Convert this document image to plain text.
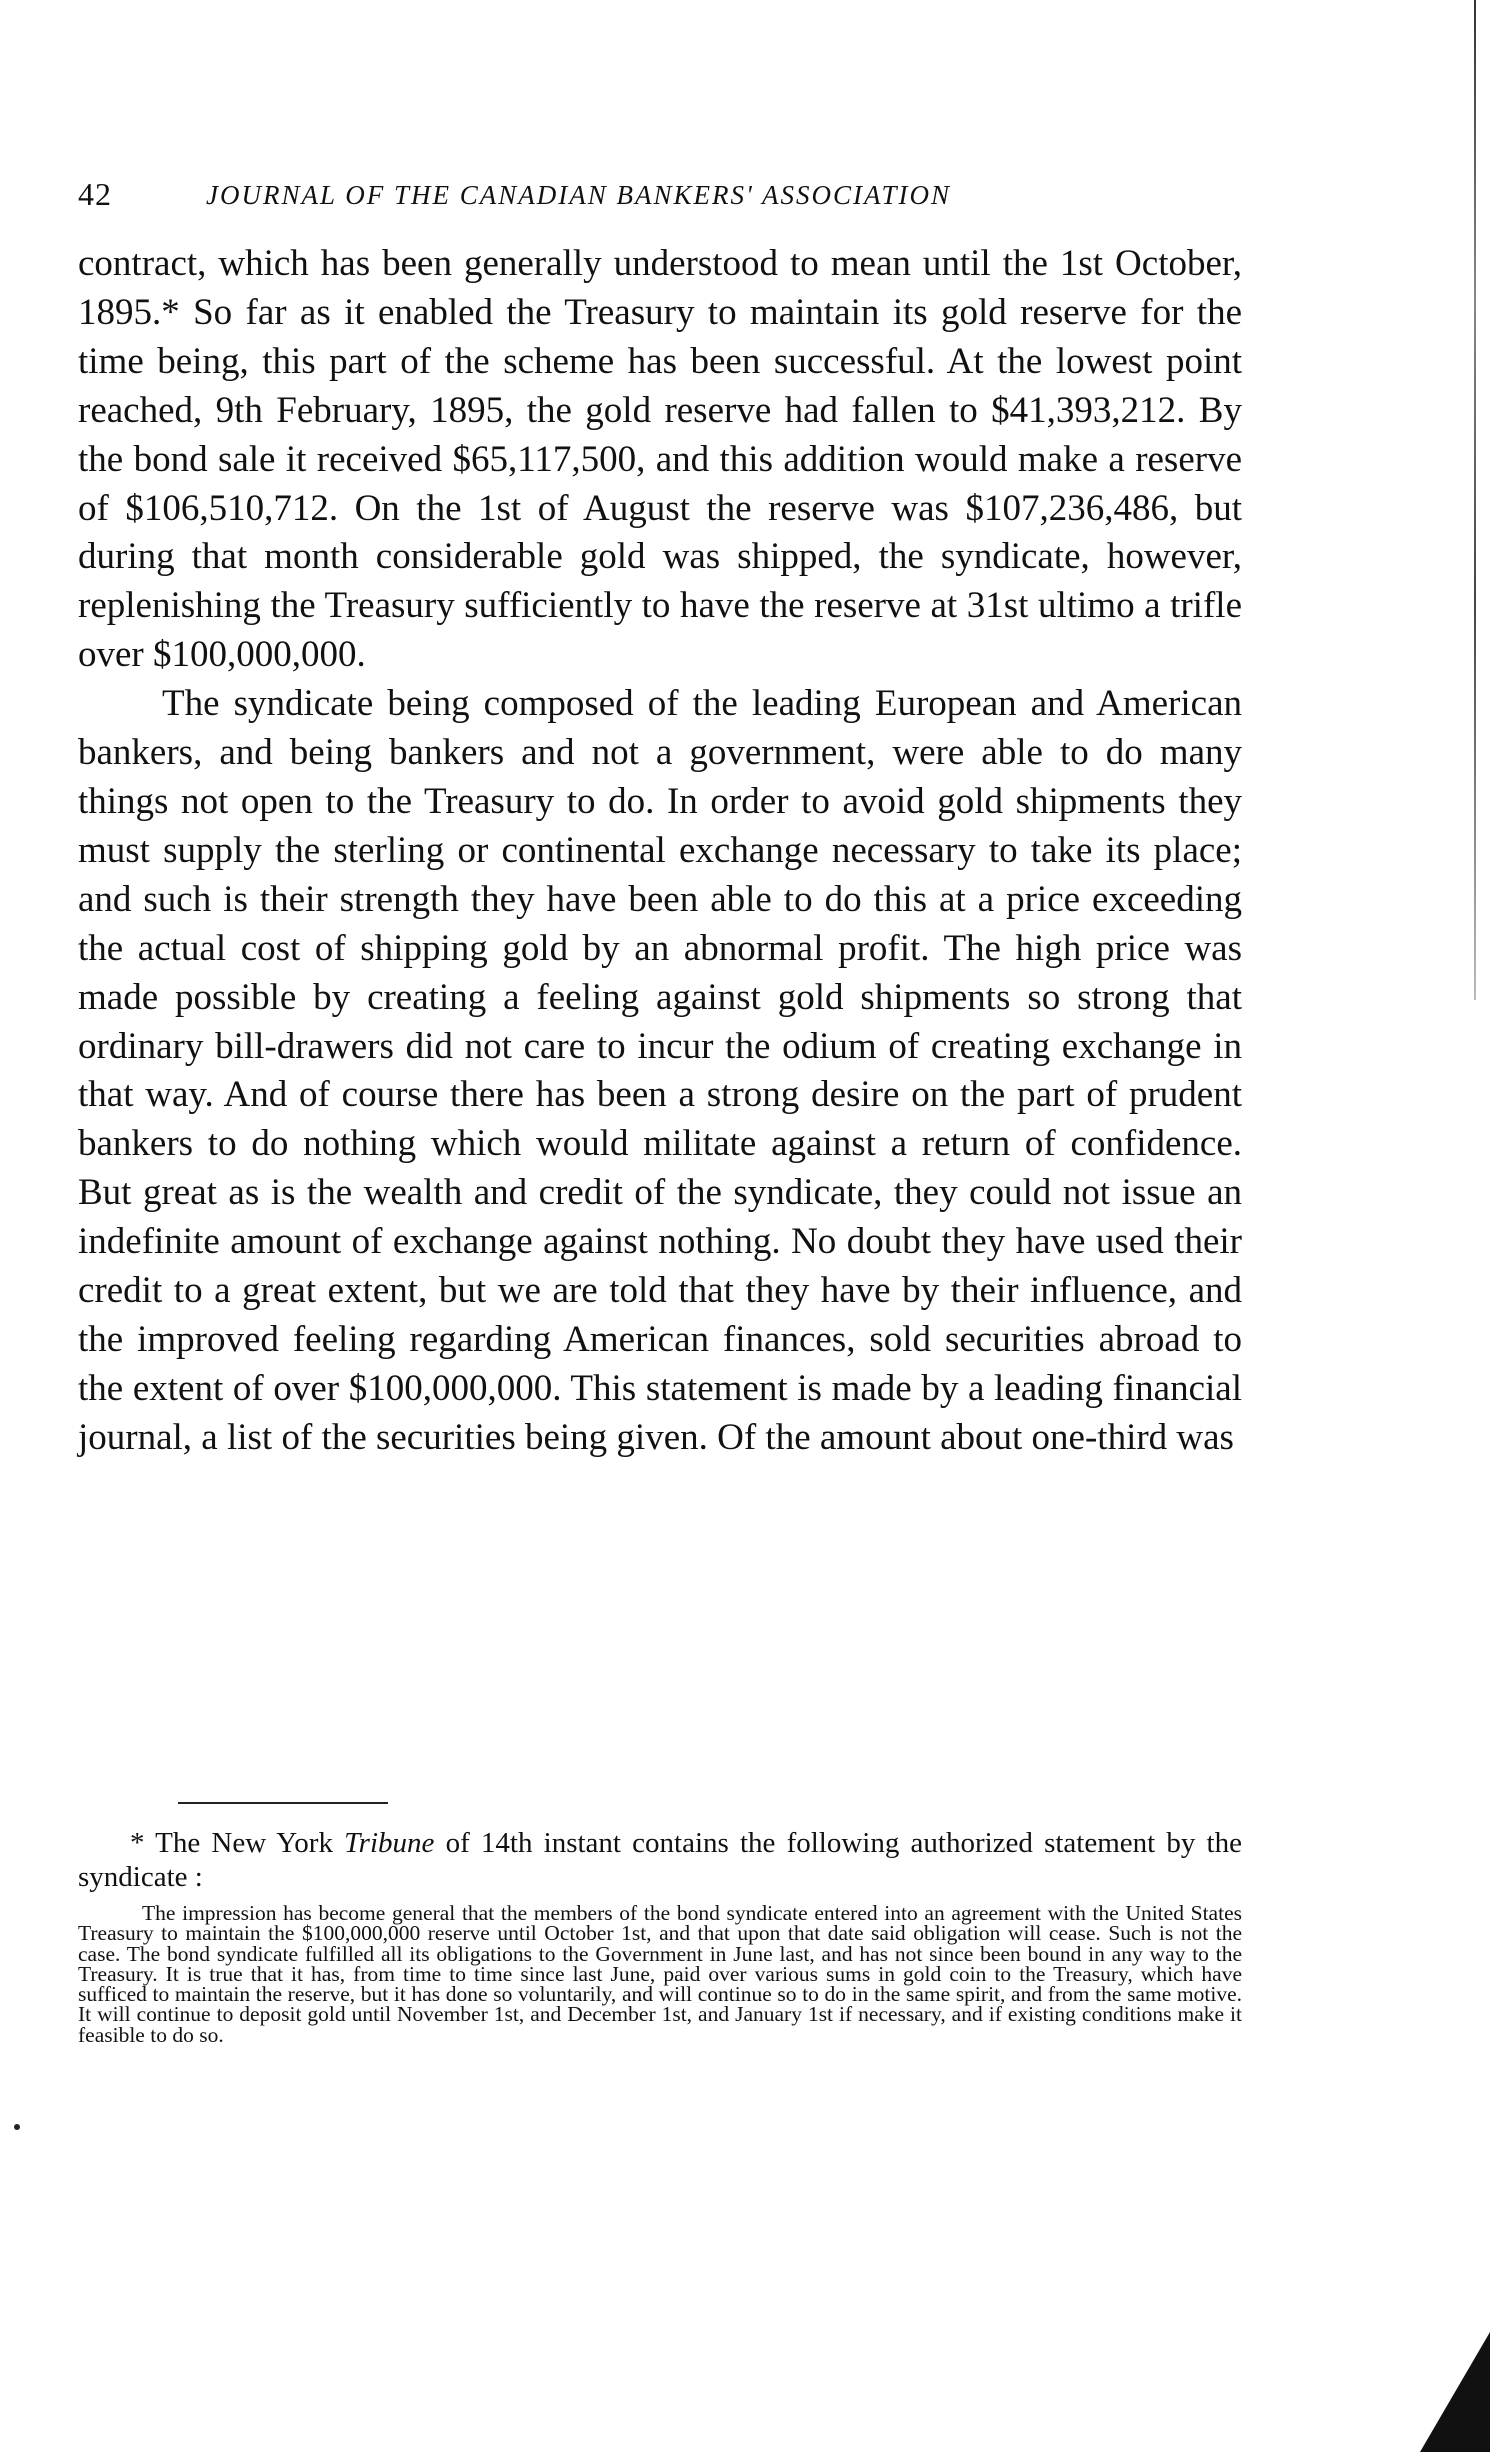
42	JOURNAL OF THE CANADIAN BANKERS' ASSOCIATION

contract, which has been generally understood to mean until the 1st October, 1895.* So far as it enabled the Treasury to maintain its gold reserve for the time being, this part of the scheme has been successful. At the lowest point reached, 9th February, 1895, the gold reserve had fallen to $41,393,212. By the bond sale it received $65,117,500, and this addition would make a reserve of $106,510,712. On the 1st of August the reserve was $107,236,486, but during that month considerable gold was shipped, the syndicate, however, replenishing the Treasury sufficiently to have the reserve at 31st ultimo a trifle over $100,000,000.

The syndicate being composed of the leading European and American bankers, and being bankers and not a government, were able to do many things not open to the Treasury to do. In order to avoid gold shipments they must supply the sterling or continental exchange necessary to take its place; and such is their strength they have been able to do this at a price exceeding the actual cost of shipping gold by an abnormal profit. The high price was made possible by creating a feeling against gold shipments so strong that ordinary bill-drawers did not care to incur the odium of creating exchange in that way. And of course there has been a strong desire on the part of prudent bankers to do nothing which would militate against a return of confidence. But great as is the wealth and credit of the syndicate, they could not issue an indefinite amount of exchange against nothing. No doubt they have used their credit to a great extent, but we are told that they have by their influence, and the improved feeling regarding American finances, sold securities abroad to the extent of over $100,000,000. This statement is made by a leading financial journal, a list of the securities being given. Of the amount about one-third was

* The New York Tribune of 14th instant contains the following authorized statement by the syndicate :
The impression has become general that the members of the bond syndicate entered into an agreement with the United States Treasury to maintain the $100,000,000 reserve until October 1st, and that upon that date said obligation will cease. Such is not the case. The bond syndicate fulfilled all its obligations to the Government in June last, and has not since been bound in any way to the Treasury. It is true that it has, from time to time since last June, paid over various sums in gold coin to the Treasury, which have sufficed to maintain the reserve, but it has done so voluntarily, and will continue so to do in the same spirit, and from the same motive. It will continue to deposit gold until November 1st, and December 1st, and January 1st if necessary, and if existing conditions make it feasible to do so.
